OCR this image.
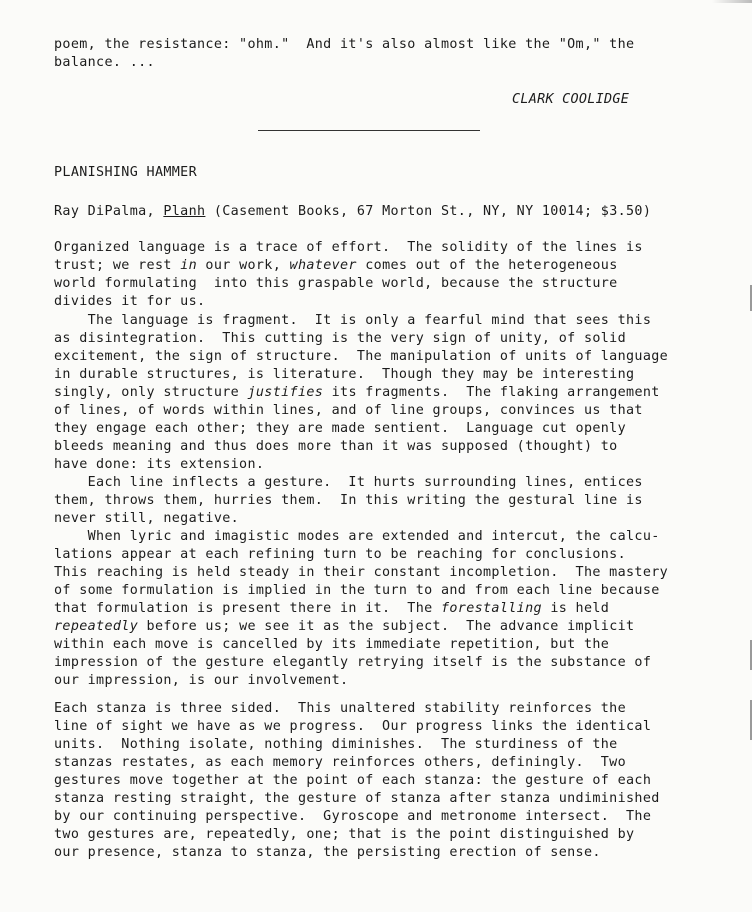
poem, the resistance: "ohm."  And it's also almost like the "Om," the
balance. ...
CLARK COOLIDGE
PLANISHING HAMMER
Ray DiPalma, Planh (Casement Books, 67 Morton St., NY, NY 10014; $3.50)
Organized language is a trace of effort.  The solidity of the lines is
trust; we rest in our work, whatever comes out of the heterogeneous
world formulating  into this graspable world, because the structure
divides it for us.
The language is fragment.  It is only a fearful mind that sees this
as disintegration.  This cutting is the very sign of unity, of solid
excitement, the sign of structure.  The manipulation of units of language
in durable structures, is literature.  Though they may be interesting
singly, only structure justifies its fragments.  The flaking arrangement
of lines, of words within lines, and of line groups, convinces us that
they engage each other; they are made sentient.  Language cut openly
bleeds meaning and thus does more than it was supposed (thought) to
have done: its extension.
Each line inflects a gesture.  It hurts surrounding lines, entices
them, throws them, hurries them.  In this writing the gestural line is
never still, negative.
When lyric and imagistic modes are extended and intercut, the calcu-
lations appear at each refining turn to be reaching for conclusions.
This reaching is held steady in their constant incompletion.  The mastery
of some formulation is implied in the turn to and from each line because
that formulation is present there in it.  The forestalling is held
repeatedly before us; we see it as the subject.  The advance implicit
within each move is cancelled by its immediate repetition, but the
impression of the gesture elegantly retrying itself is the substance of
our impression, is our involvement.
Each stanza is three sided.  This unaltered stability reinforces the
line of sight we have as we progress.  Our progress links the identical
units.  Nothing isolate, nothing diminishes.  The sturdiness of the
stanzas restates, as each memory reinforces others, definingly.  Two
gestures move together at the point of each stanza: the gesture of each
stanza resting straight, the gesture of stanza after stanza undiminished
by our continuing perspective.  Gyroscope and metronome intersect.  The
two gestures are, repeatedly, one; that is the point distinguished by
our presence, stanza to stanza, the persisting erection of sense.
